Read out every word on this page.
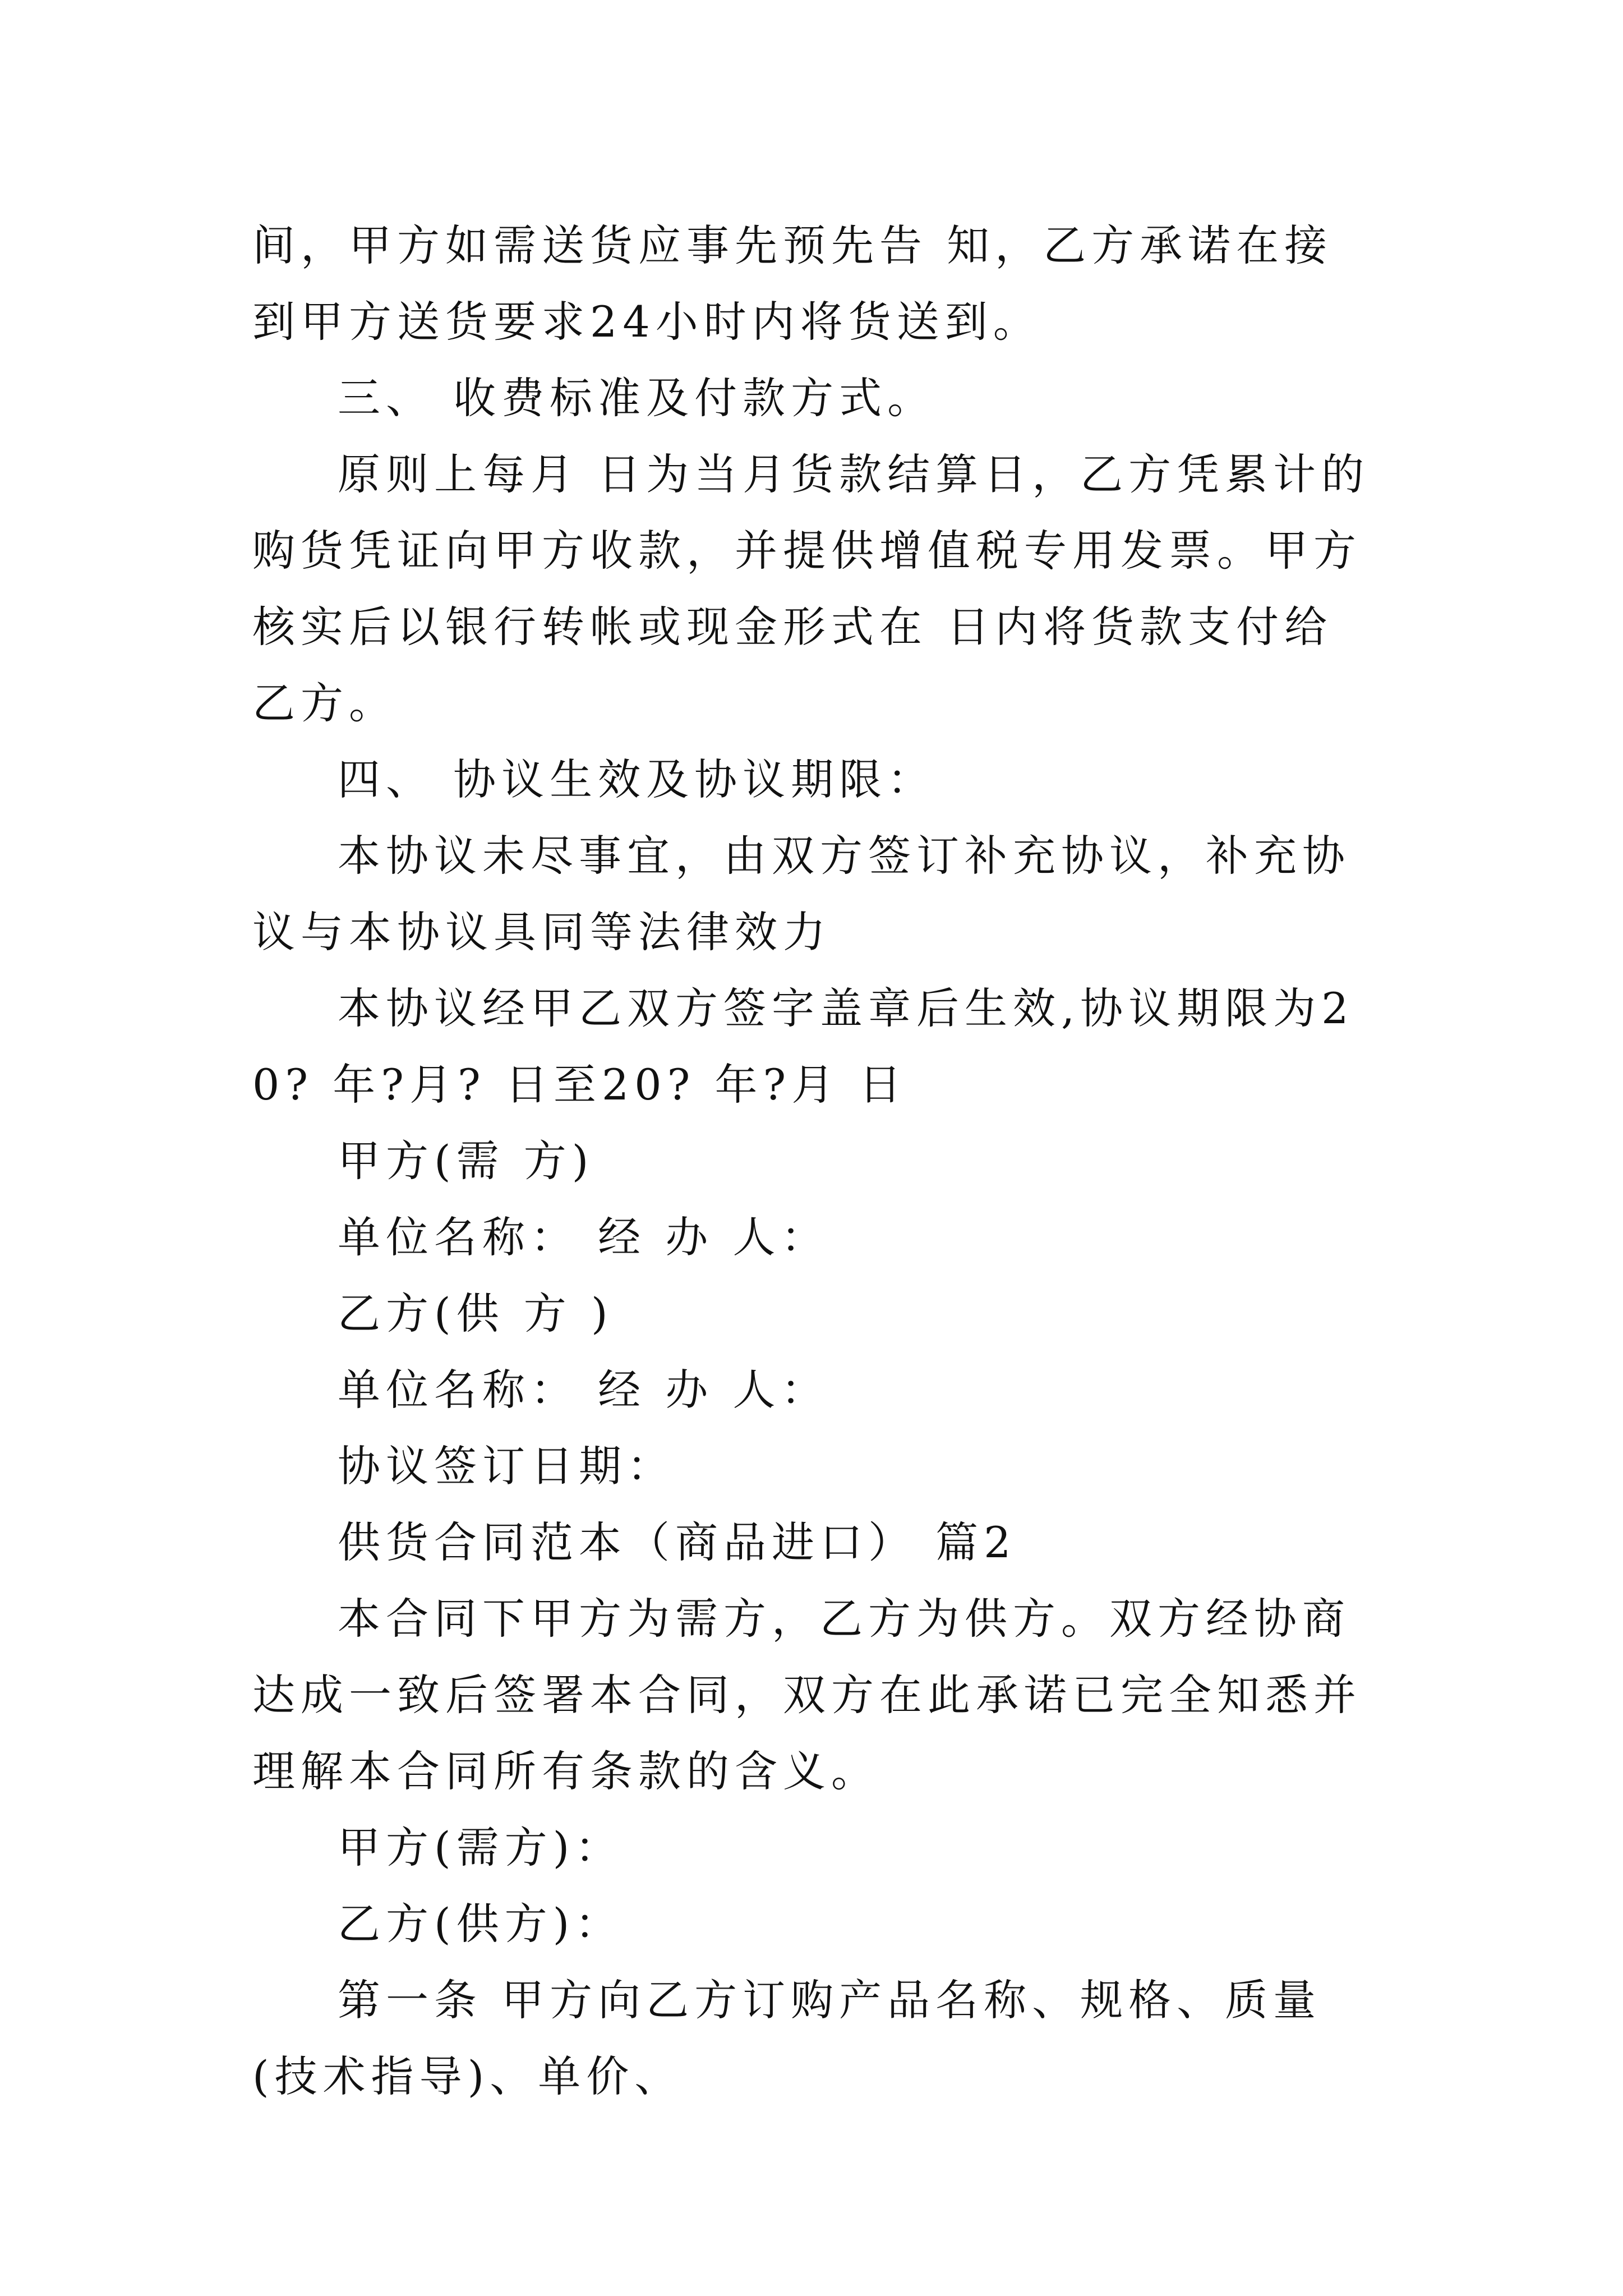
间，甲方如需送货应事先预先告 知，乙方承诺在接到甲方送货要求24小时内将货送到。

三、 收费标准及付款方式。

原则上每月 日为当月货款结算日，乙方凭累计的购货凭证向甲方收款，并提供增值税专用发票。甲方核实后以银行转帐或现金形式在 日内将货款支付给乙方。

四、 协议生效及协议期限：

本协议未尽事宜，由双方签订补充协议，补充协议与本协议具同等法律效力

本协议经甲乙双方签字盖章后生效,协议期限为20? 年?月? 日至20? 年?月 日

甲方(需 方)

单位名称： 经 办 人：

乙方(供 方 )

单位名称： 经 办 人：

协议签订日期：

供货合同范本（商品进口） 篇2

本合同下甲方为需方，乙方为供方。双方经协商达成一致后签署本合同，双方在此承诺已完全知悉并理解本合同所有条款的含义。

甲方(需方)：

乙方(供方)：

第一条 甲方向乙方订购产品名称、规格、质量(技术指导)、单价、
